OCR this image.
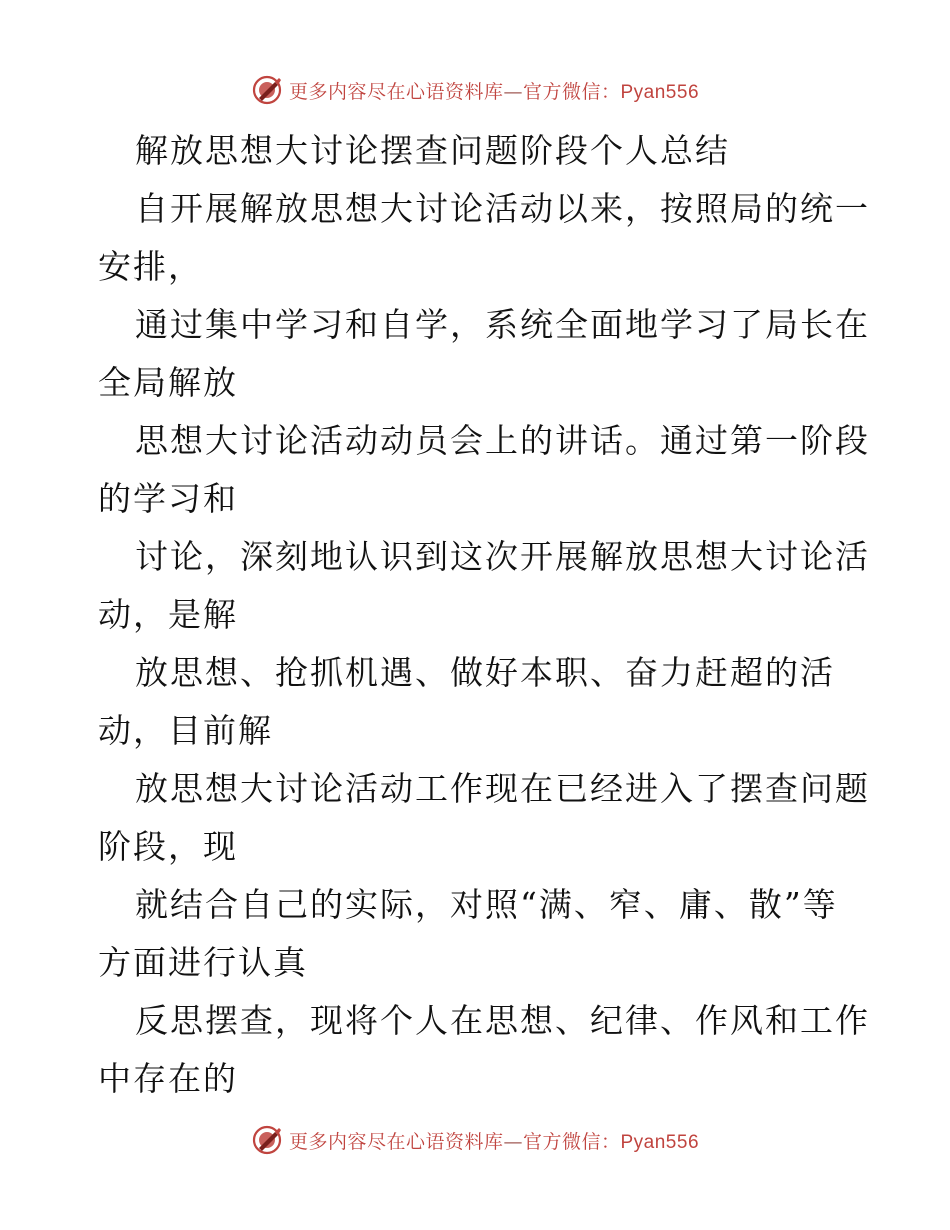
更多内容尽在心语资料库—官方微信：Pyan556
解放思想大讨论摆查问题阶段个人总结
自开展解放思想大讨论活动以来，按照局的统一
安排，
通过集中学习和自学，系统全面地学习了局长在
全局解放
思想大讨论活动动员会上的讲话。通过第一阶段
的学习和
讨论，深刻地认识到这次开展解放思想大讨论活
动，是解
放思想、抢抓机遇、做好本职、奋力赶超的活
动，目前解
放思想大讨论活动工作现在已经进入了摆查问题
阶段，现
就结合自己的实际，对照“满、窄、庸、散”等
方面进行认真
反思摆查，现将个人在思想、纪律、作风和工作
中存在的
更多内容尽在心语资料库—官方微信：Pyan556
